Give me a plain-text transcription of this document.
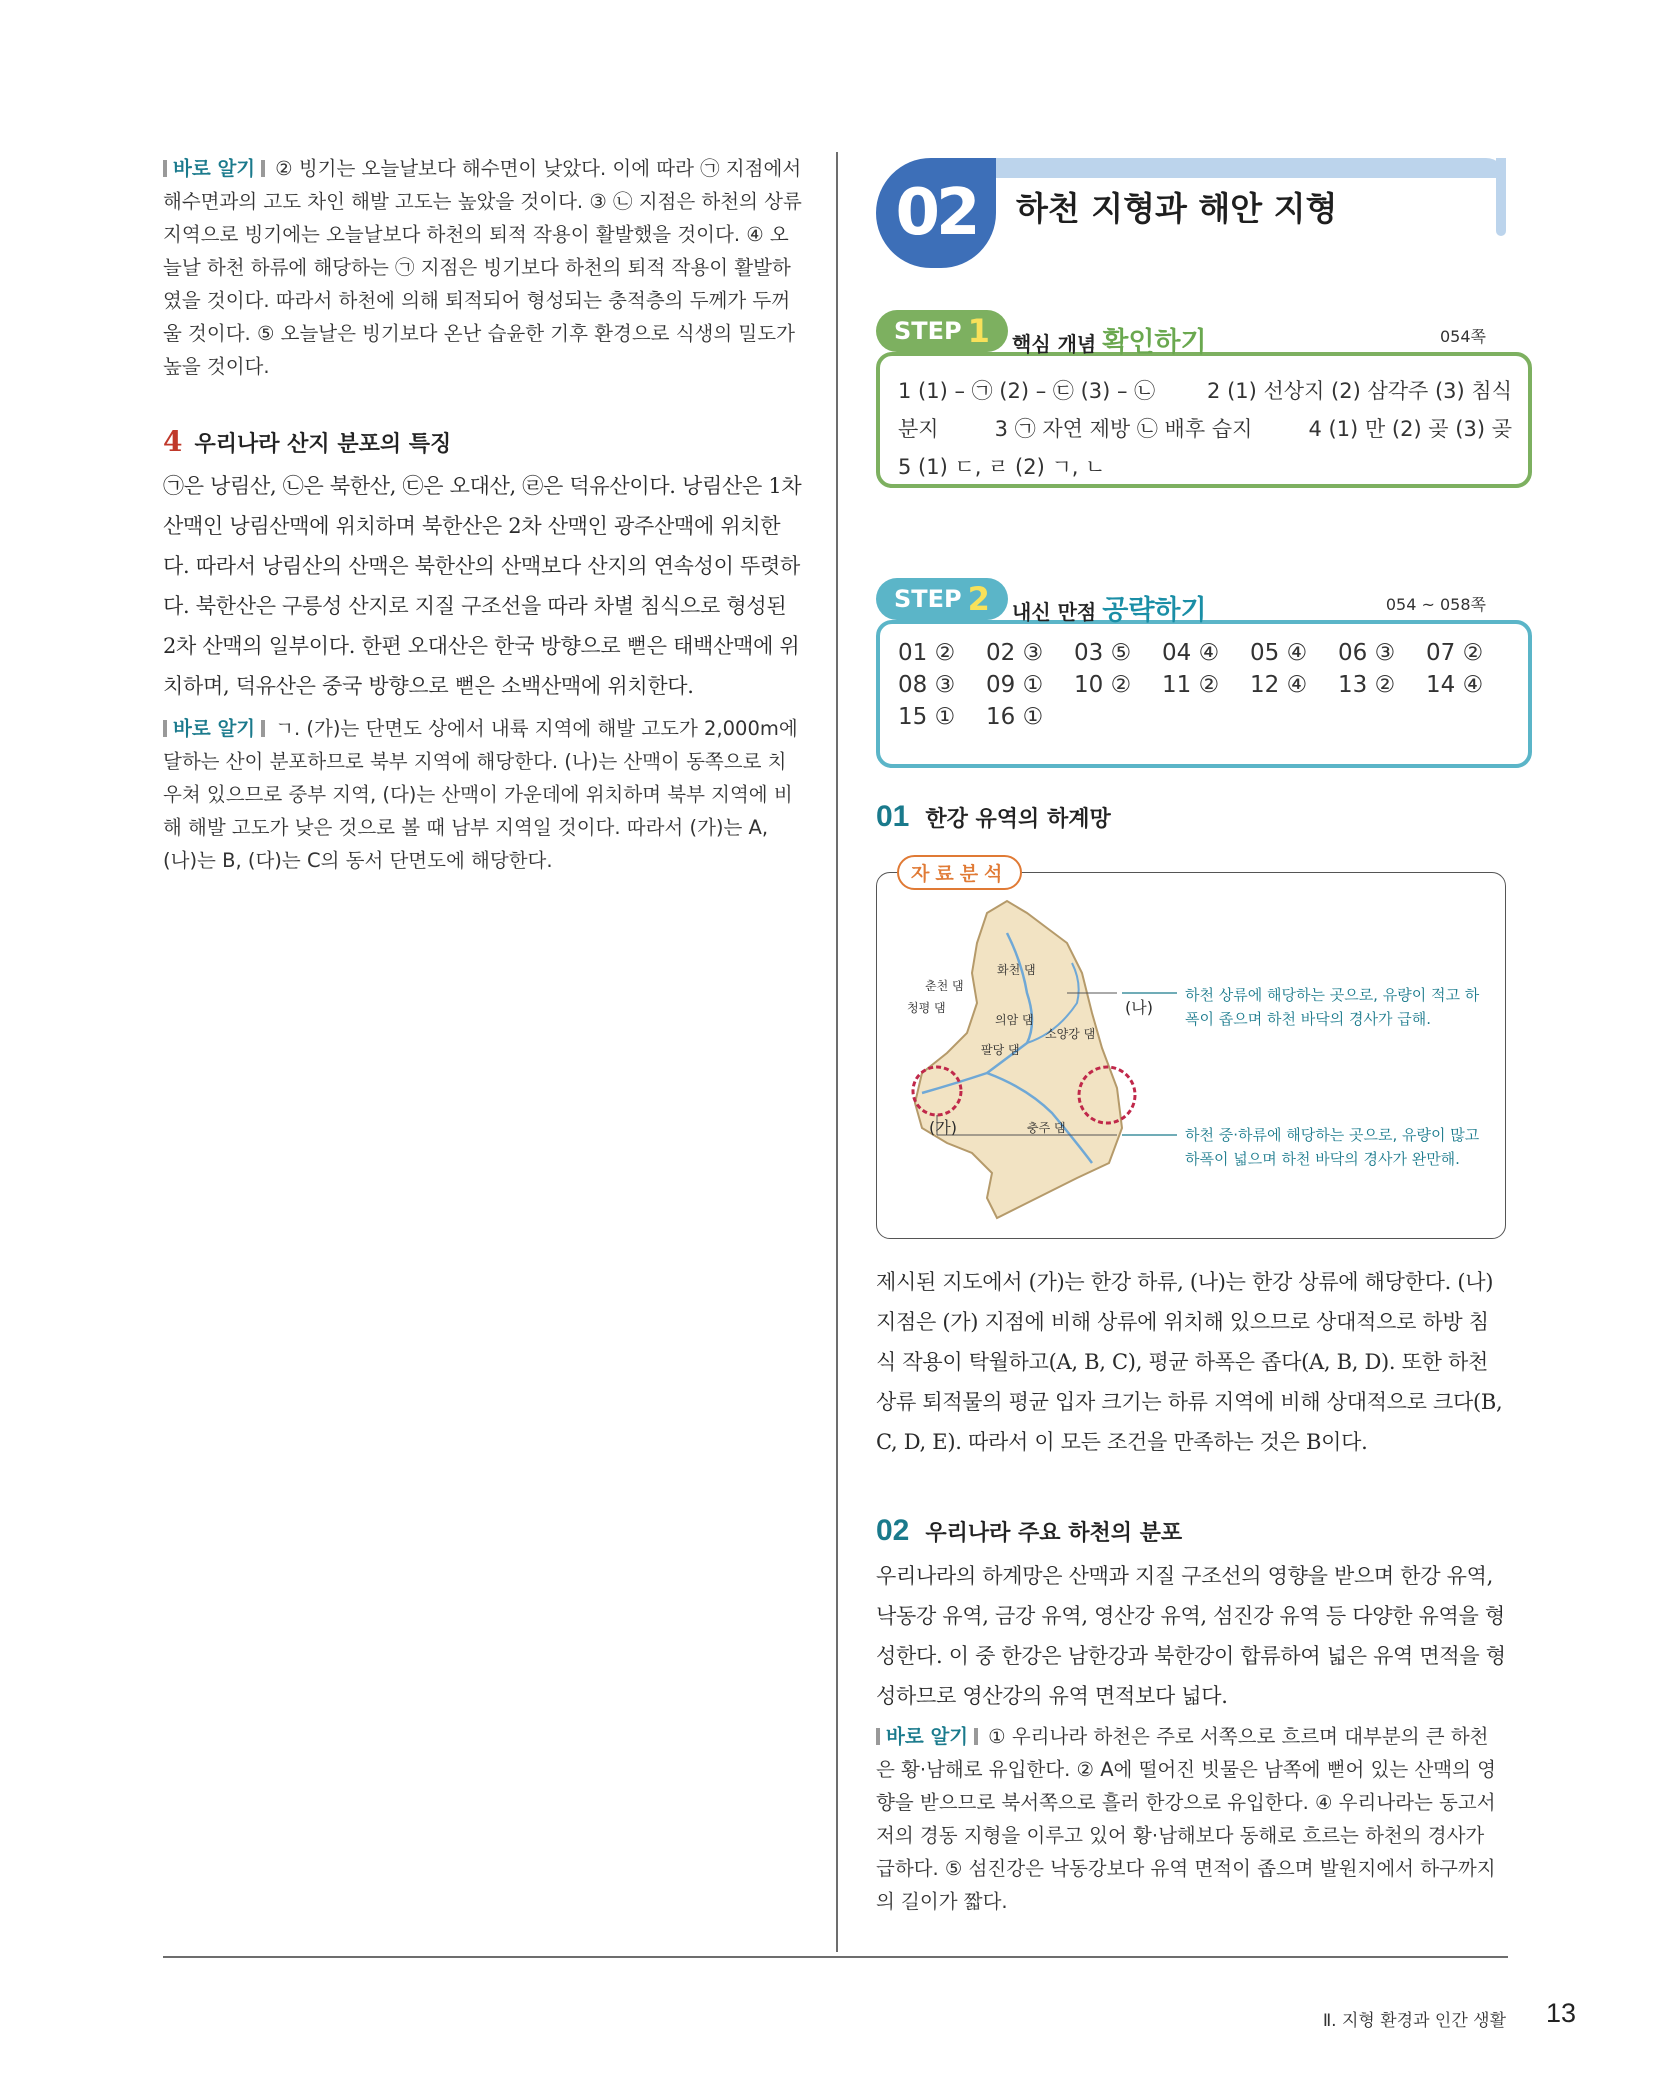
바로 알기 ② 빙기는 오늘날보다 해수면이 낮았다. 이에 따라 ㉠ 지점에서 해수면과의 고도 차인 해발 고도는 높았을 것이다. ③ ㉡ 지점은 하천의 상류 지역으로 빙기에는 오늘날보다 하천의 퇴적 작용이 활발했을 것이다. ④ 오늘날 하천 하류에 해당하는 ㉠ 지점은 빙기보다 하천의 퇴적 작용이 활발하였을 것이다. 따라서 하천에 의해 퇴적되어 형성되는 충적층의 두께가 두꺼울 것이다. ⑤ 오늘날은 빙기보다 온난 습윤한 기후 환경으로 식생의 밀도가 높을 것이다.
4 우리나라 산지 분포의 특징
㉠은 낭림산, ㉡은 북한산, ㉢은 오대산, ㉣은 덕유산이다. 낭림산은 1차 산맥인 낭림산맥에 위치하며 북한산은 2차 산맥인 광주산맥에 위치한다. 따라서 낭림산의 산맥은 북한산의 산맥보다 산지의 연속성이 뚜렷하다. 북한산은 구릉성 산지로 지질 구조선을 따라 차별 침식으로 형성된 2차 산맥의 일부이다. 한편 오대산은 한국 방향으로 뻗은 태백산맥에 위치하며, 덕유산은 중국 방향으로 뻗은 소백산맥에 위치한다.
바로 알기 ㄱ. (가)는 단면도 상에서 내륙 지역에 해발 고도가 2,000m에 달하는 산이 분포하므로 북부 지역에 해당한다. (나)는 산맥이 동쪽으로 치우쳐 있으므로 중부 지역, (다)는 산맥이 가운데에 위치하며 북부 지역에 비해 해발 고도가 낮은 것으로 볼 때 남부 지역일 것이다. 따라서 (가)는 A, (나)는 B, (다)는 C의 동서 단면도에 해당한다.
02	하천 지형과 해안 지형
1 (1) – ㉠ (2) – ㉢ (3) – ㉡ 2 (1) 선상지 (2) 삼각주 (3) 침식
분지	3 ㉠ 자연 제방 ㉡ 배후 습지	4 (1) 만 (2) 곶 (3) 곶
5 (1) ㄷ, ㄹ (2) ㄱ, ㄴ
STEP 1 핵심 개념 확인하기	054쪽
01 ②	02 ③	03 ⑤	04 ④	05 ④	06 ③	07 ②
08 ③	09 ①	10 ②	11 ②	12 ④	13 ②	14 ④
15 ①	16 ①
STEP 2 내신 만점 공략하기	054 ~ 058쪽
01 한강 유역의 하계망
자료분석
화천 댐
춘천 댐
청평 댐
의암 댐
소양강 댐
팔당 댐
충주 댐
(나)
(가)
하천 상류에 해당하는 곳으로, 유량이 적고 하폭이 좁으며 하천 바닥의 경사가 급해.
하천 중·하류에 해당하는 곳으로, 유량이 많고 하폭이 넓으며 하천 바닥의 경사가 완만해.
제시된 지도에서 (가)는 한강 하류, (나)는 한강 상류에 해당한다. (나) 지점은 (가) 지점에 비해 상류에 위치해 있으므로 상대적으로 하방 침식 작용이 탁월하고(A, B, C), 평균 하폭은 좁다(A, B, D). 또한 하천 상류 퇴적물의 평균 입자 크기는 하류 지역에 비해 상대적으로 크다(B, C, D, E). 따라서 이 모든 조건을 만족하는 것은 B이다.
02 우리나라 주요 하천의 분포
우리나라의 하계망은 산맥과 지질 구조선의 영향을 받으며 한강 유역, 낙동강 유역, 금강 유역, 영산강 유역, 섬진강 유역 등 다양한 유역을 형성한다. 이 중 한강은 남한강과 북한강이 합류하여 넓은 유역 면적을 형성하므로 영산강의 유역 면적보다 넓다.
바로 알기 ① 우리나라 하천은 주로 서쪽으로 흐르며 대부분의 큰 하천은 황·남해로 유입한다. ② A에 떨어진 빗물은 남쪽에 뻗어 있는 산맥의 영향을 받으므로 북서쪽으로 흘러 한강으로 유입한다. ④ 우리나라는 동고서저의 경동 지형을 이루고 있어 황·남해보다 동해로 흐르는 하천의 경사가 급하다. ⑤ 섬진강은 낙동강보다 유역 면적이 좁으며 발원지에서 하구까지의 길이가 짧다.
Ⅱ. 지형 환경과 인간 생활 13
